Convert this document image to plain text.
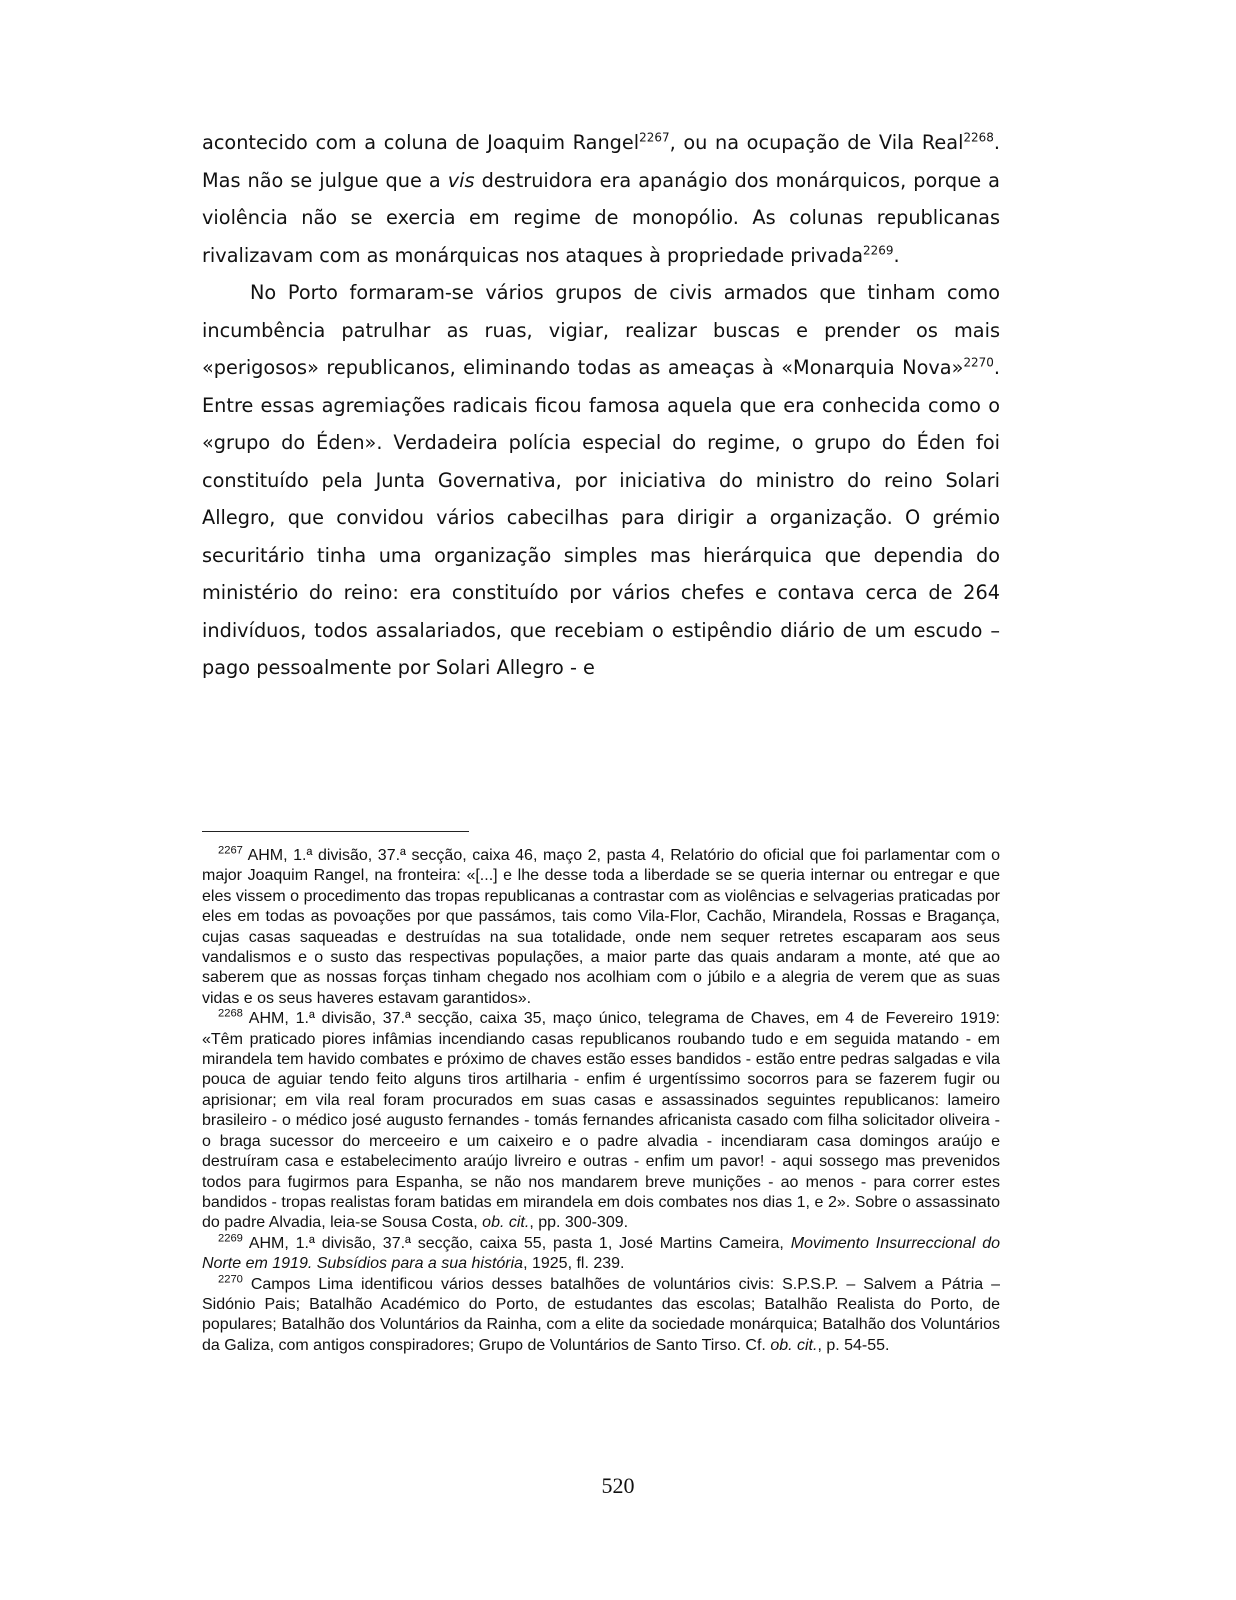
acontecido com a coluna de Joaquim Rangel$^{2267}$, ou na ocupação de Vila Real$^{2268}$. Mas não se julgue que a vis destruidora era apanágio dos monárquicos, porque a violência não se exercia em regime de monopólio. As colunas republicanas rivalizavam com as monárquicas nos ataques à propriedade privada$^{2269}$.

No Porto formaram-se vários grupos de civis armados que tinham como incumbência patrulhar as ruas, vigiar, realizar buscas e prender os mais «perigosos» republicanos, eliminando todas as ameaças à «Monarquia Nova»$^{2270}$. Entre essas agremiações radicais ficou famosa aquela que era conhecida como o «grupo do Éden». Verdadeira polícia especial do regime, o grupo do Éden foi constituído pela Junta Governativa, por iniciativa do ministro do reino Solari Allegro, que convidou vários cabecilhas para dirigir a organização. O grémio securitário tinha uma organização simples mas hierárquica que dependia do ministério do reino: era constituído por vários chefes e contava cerca de 264 indivíduos, todos assalariados, que recebiam o estipêndio diário de um escudo – pago pessoalmente por Solari Allegro - e

$^{2267}$ AHM, 1.ª divisão, 37.ª secção, caixa 46, maço 2, pasta 4, Relatório do oficial que foi parlamentar com o major Joaquim Rangel, na fronteira: «[...] e lhe desse toda a liberdade se se queria internar ou entregar e que eles vissem o procedimento das tropas republicanas a contrastar com as violências e selvagerias praticadas por eles em todas as povoações por que passámos, tais como Vila-Flor, Cachão, Mirandela, Rossas e Bragança, cujas casas saqueadas e destruídas na sua totalidade, onde nem sequer retretes escaparam aos seus vandalismos e o susto das respectivas populações, a maior parte das quais andaram a monte, até que ao saberem que as nossas forças tinham chegado nos acolhiam com o júbilo e a alegria de verem que as suas vidas e os seus haveres estavam garantidos».

$^{2268}$ AHM, 1.ª divisão, 37.ª secção, caixa 35, maço único, telegrama de Chaves, em 4 de Fevereiro 1919: «Têm praticado piores infâmias incendiando casas republicanos roubando tudo e em seguida matando - em mirandela tem havido combates e próximo de chaves estão esses bandidos - estão entre pedras salgadas e vila pouca de aguiar tendo feito alguns tiros artilharia - enfim é urgentíssimo socorros para se fazerem fugir ou aprisionar; em vila real foram procurados em suas casas e assassinados seguintes republicanos: lameiro brasileiro - o médico josé augusto fernandes - tomás fernandes africanista casado com filha solicitador oliveira - o braga sucessor do merceeiro e um caixeiro e o padre alvadia - incendiaram casa domingos araújo e destruíram casa e estabelecimento araújo livreiro e outras - enfim um pavor! - aqui sossego mas prevenidos todos para fugirmos para Espanha, se não nos mandarem breve munições - ao menos - para correr estes bandidos - tropas realistas foram batidas em mirandela em dois combates nos dias 1, e 2». Sobre o assassinato do padre Alvadia, leia-se Sousa Costa, ob. cit., pp. 300-309.

$^{2269}$ AHM, 1.ª divisão, 37.ª secção, caixa 55, pasta 1, José Martins Cameira, Movimento Insurreccional do Norte em 1919. Subsídios para a sua história, 1925, fl. 239.

$^{2270}$ Campos Lima identificou vários desses batalhões de voluntários civis: S.P.S.P. – Salvem a Pátria – Sidónio Pais; Batalhão Académico do Porto, de estudantes das escolas; Batalhão Realista do Porto, de populares; Batalhão dos Voluntários da Rainha, com a elite da sociedade monárquica; Batalhão dos Voluntários da Galiza, com antigos conspiradores; Grupo de Voluntários de Santo Tirso. Cf. ob. cit., p. 54-55.

520
